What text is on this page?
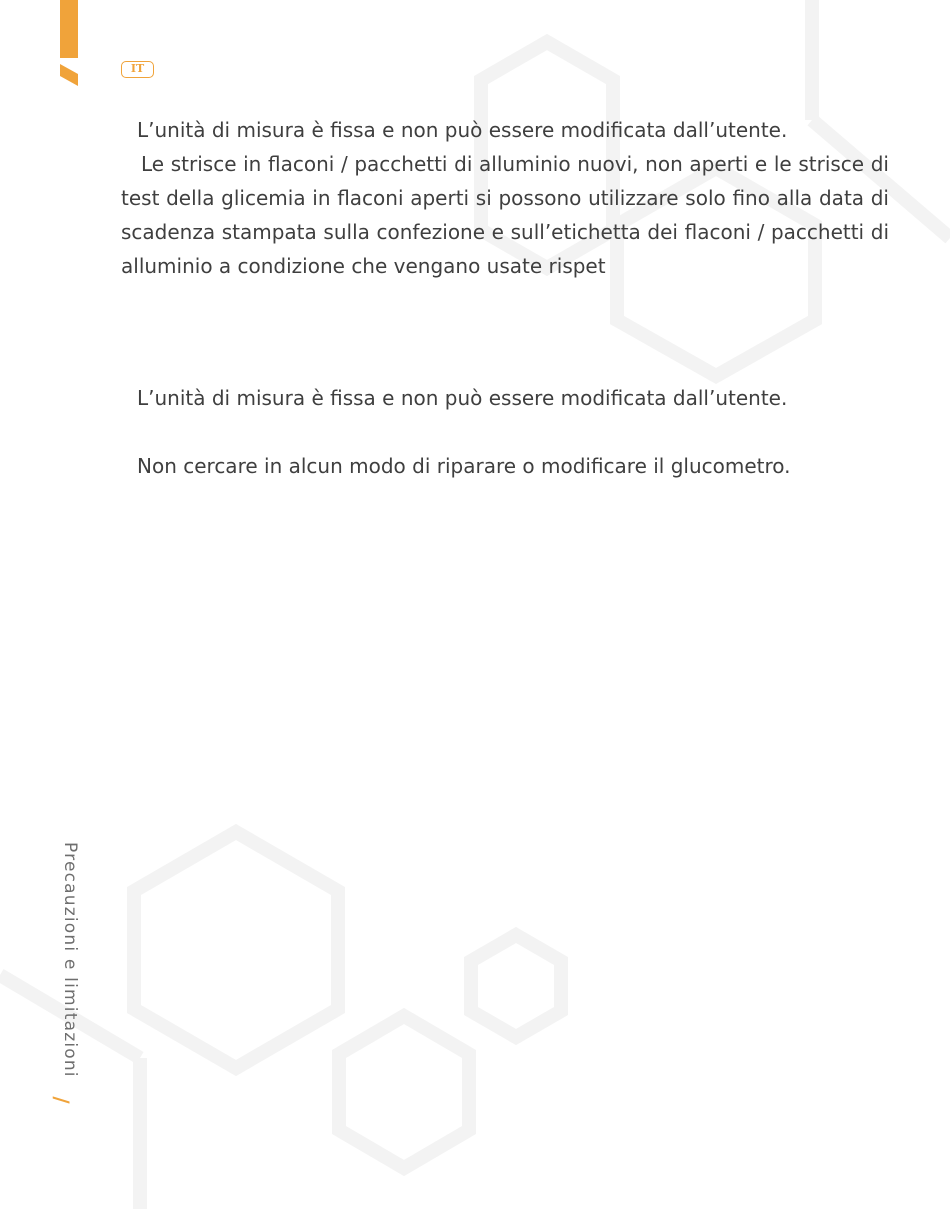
IT

L’unità di misura è fissa e non può essere modificata dall’utente.

Le strisce in flaconi / pacchetti di alluminio nuovi, non aperti e le strisce di test della glicemia in flaconi aperti si possono utilizzare solo fino alla data di scadenza stampata sulla confezione e sull’etichetta dei flaconi / pacchetti di alluminio a condizione che vengano usate rispet

L’unità di misura è fissa e non può essere modificata dall’utente.

Non cercare in alcun modo di riparare o modificare il glucometro.

Precauzioni e limitazioni
/
